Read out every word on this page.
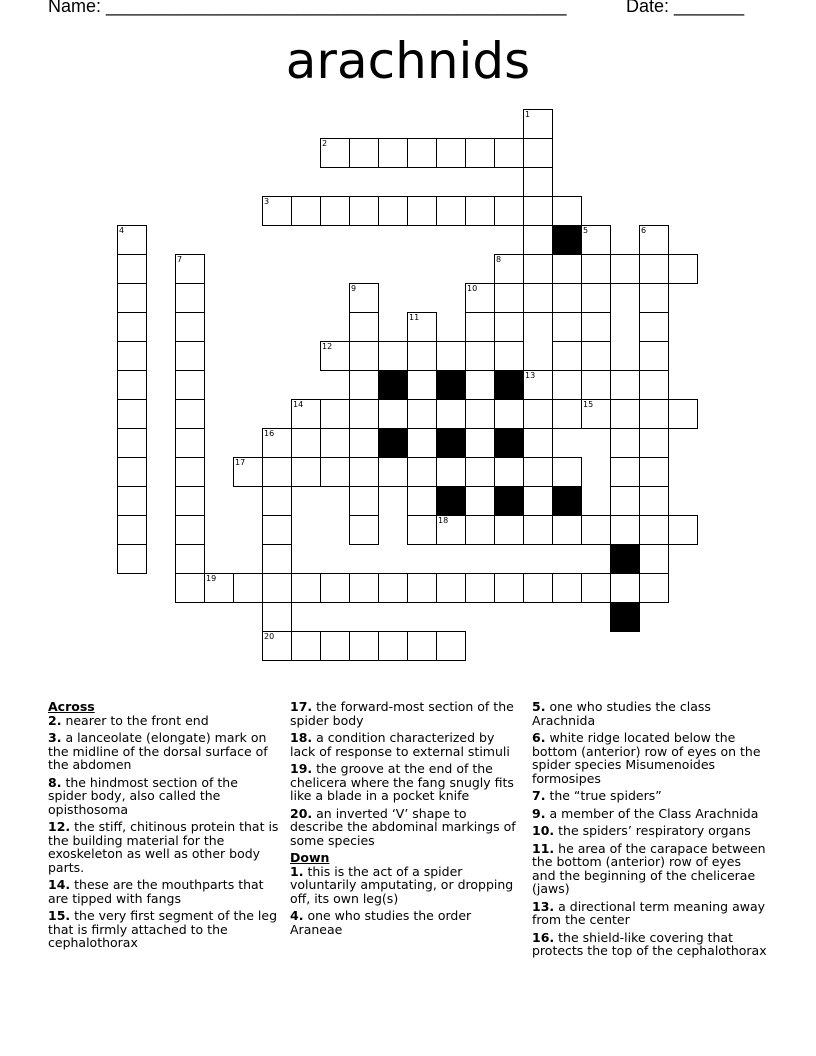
Name: ______________________________________________	Date: _______
arachnids
2
3
8
12
14	15
16
17
18
19
20
1
4	5	6
7
9	10
11
13
Across
2. nearer to the front end
3. a lanceolate (elongate) mark on the midline of the dorsal surface of the abdomen
8. the hindmost section of the spider body, also called the opisthosoma
12. the stiff, chitinous protein that is the building material for the exoskeleton as well as other body parts.
14. these are the mouthparts that are tipped with fangs
15. the very first segment of the leg that is firmly attached to the cephalothorax
17. the forward-most section of the spider body
18. a condition characterized by lack of response to external stimuli
19. the groove at the end of the chelicera where the fang snugly fits like a blade in a pocket knife
20. an inverted ‘V’ shape to describe the abdominal markings of some species
Down
1. this is the act of a spider voluntarily amputating, or dropping off, its own leg(s)
4. one who studies the order Araneae
5. one who studies the class Arachnida
6. white ridge located below the bottom (anterior) row of eyes on the spider species Misumenoides formosipes
7. the “true spiders”
9. a member of the Class Arachnida
10. the spiders’ respiratory organs
11. he area of the carapace between the bottom (anterior) row of eyes and the beginning of the chelicerae (jaws)
13. a directional term meaning away from the center
16. the shield-like covering that protects the top of the cephalothorax
